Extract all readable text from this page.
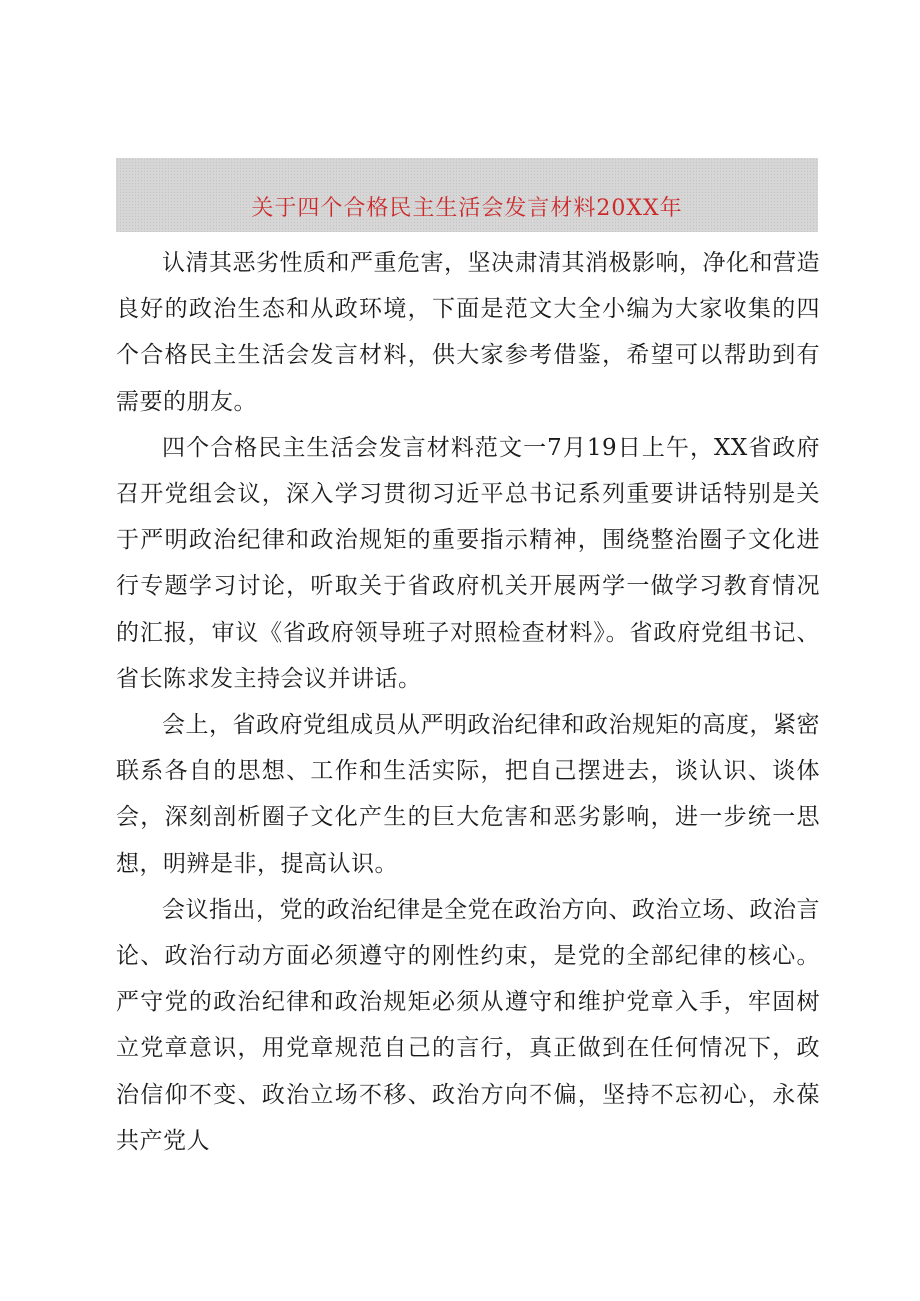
关于四个合格民主生活会发言材料20XX年

认清其恶劣性质和严重危害，坚决肃清其消极影响，净化和营造良好的政治生态和从政环境，下面是范文大全小编为大家收集的四个合格民主生活会发言材料，供大家参考借鉴，希望可以帮助到有需要的朋友。

四个合格民主生活会发言材料范文一7月19日上午，XX省政府召开党组会议，深入学习贯彻习近平总书记系列重要讲话特别是关于严明政治纪律和政治规矩的重要指示精神，围绕整治圈子文化进行专题学习讨论，听取关于省政府机关开展两学一做学习教育情况的汇报，审议《省政府领导班子对照检查材料》。省政府党组书记、省长陈求发主持会议并讲话。

会上，省政府党组成员从严明政治纪律和政治规矩的高度，紧密联系各自的思想、工作和生活实际，把自己摆进去，谈认识、谈体会，深刻剖析圈子文化产生的巨大危害和恶劣影响，进一步统一思想，明辨是非，提高认识。

会议指出，党的政治纪律是全党在政治方向、政治立场、政治言论、政治行动方面必须遵守的刚性约束，是党的全部纪律的核心。严守党的政治纪律和政治规矩必须从遵守和维护党章入手，牢固树立党章意识，用党章规范自己的言行，真正做到在任何情况下，政治信仰不变、政治立场不移、政治方向不偏，坚持不忘初心，永葆共产党人
